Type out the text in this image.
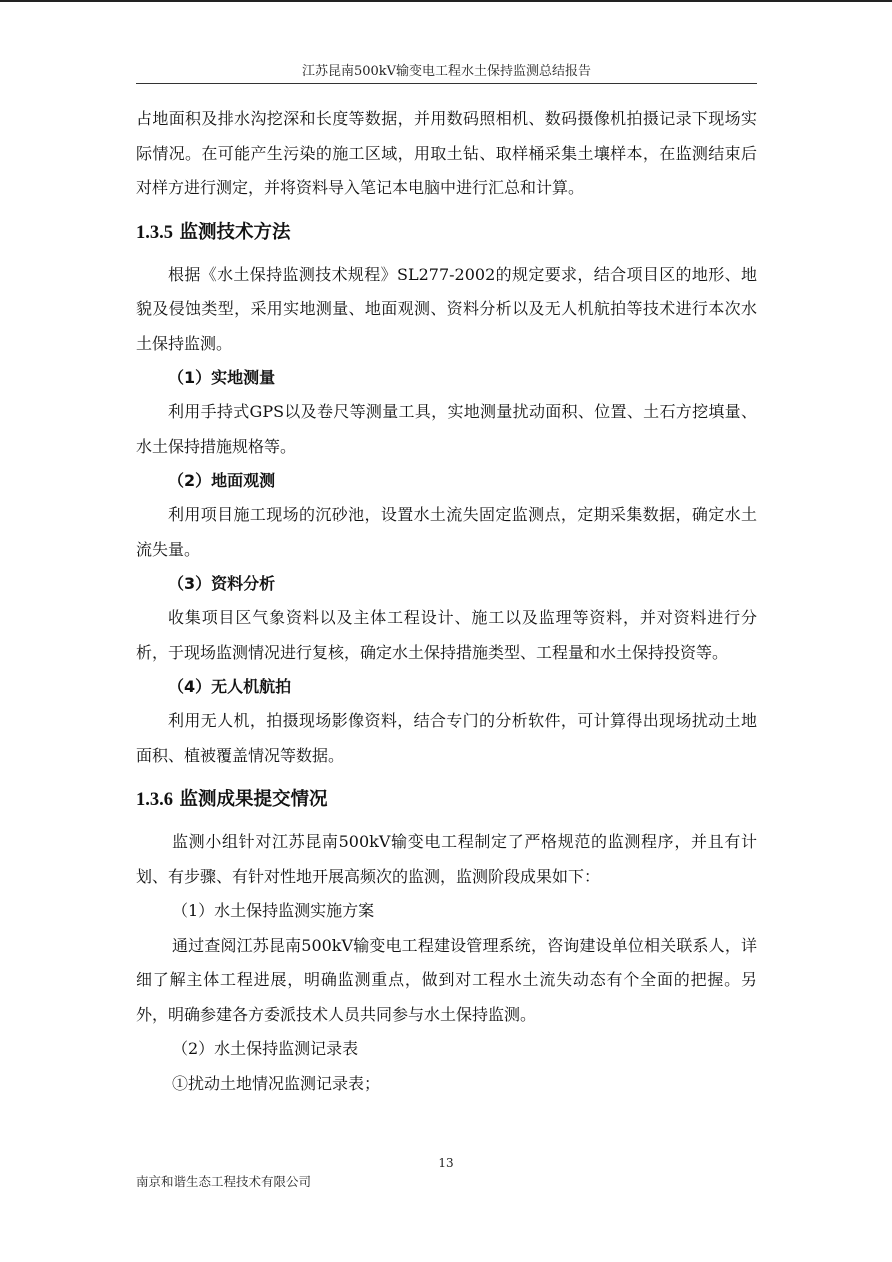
江苏昆南500kV输变电工程水土保持监测总结报告

占地面积及排水沟挖深和长度等数据，并用数码照相机、数码摄像机拍摄记录下现场实际情况。在可能产生污染的施工区域，用取土钻、取样桶采集土壤样本，在监测结束后对样方进行测定，并将资料导入笔记本电脑中进行汇总和计算。

1.3.5 监测技术方法

根据《水土保持监测技术规程》SL277-2002的规定要求，结合项目区的地形、地貌及侵蚀类型，采用实地测量、地面观测、资料分析以及无人机航拍等技术进行本次水土保持监测。

（1）实地测量

利用手持式GPS以及卷尺等测量工具，实地测量扰动面积、位置、土石方挖填量、水土保持措施规格等。

（2）地面观测

利用项目施工现场的沉砂池，设置水土流失固定监测点，定期采集数据，确定水土流失量。

（3）资料分析

收集项目区气象资料以及主体工程设计、施工以及监理等资料，并对资料进行分析，于现场监测情况进行复核，确定水土保持措施类型、工程量和水土保持投资等。

（4）无人机航拍

利用无人机，拍摄现场影像资料，结合专门的分析软件，可计算得出现场扰动土地面积、植被覆盖情况等数据。

1.3.6 监测成果提交情况

监测小组针对江苏昆南500kV输变电工程制定了严格规范的监测程序，并且有计划、有步骤、有针对性地开展高频次的监测，监测阶段成果如下：

（1）水土保持监测实施方案

通过查阅江苏昆南500kV输变电工程建设管理系统，咨询建设单位相关联系人，详细了解主体工程进展，明确监测重点，做到对工程水土流失动态有个全面的把握。另外，明确参建各方委派技术人员共同参与水土保持监测。

（2）水土保持监测记录表
①扰动土地情况监测记录表；
13
南京和谐生态工程技术有限公司
